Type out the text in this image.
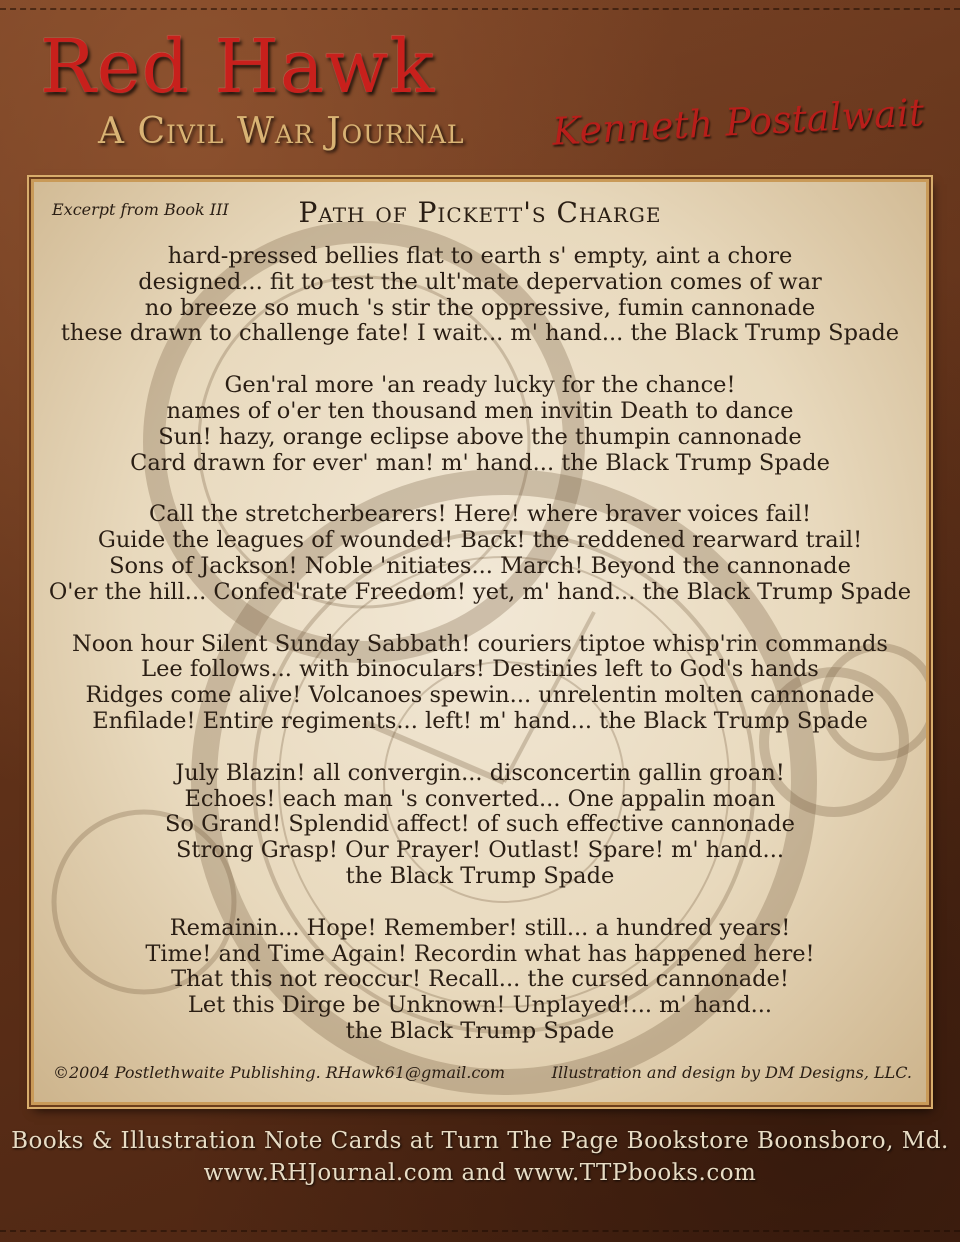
Red Hawk
A Civil War Journal Kenneth Postalwait
Excerpt from Book III	Path of Pickett's Charge
hard-pressed bellies flat to earth s' empty, aint a chore
designed... fit to test the ult'mate depervation comes of war
no breeze so much 's stir the oppressive, fumin cannonade
these drawn to challenge fate! I wait... m' hand... the Black Trump Spade
Gen'ral more 'an ready lucky for the chance!
names of o'er ten thousand men invitin Death to dance
Sun! hazy, orange eclipse above the thumpin cannonade
Card drawn for ever' man! m' hand... the Black Trump Spade
Call the stretcherbearers! Here! where braver voices fail!
Guide the leagues of wounded! Back! the reddened rearward trail!
Sons of Jackson! Noble 'nitiates... March! Beyond the cannonade
O'er the hill... Confed'rate Freedom! yet, m' hand... the Black Trump Spade
Noon hour Silent Sunday Sabbath! couriers tiptoe whisp'rin commands
Lee follows... with binoculars! Destinies left to God's hands
Ridges come alive! Volcanoes spewin... unrelentin molten cannonade
Enfilade! Entire regiments... left! m' hand... the Black Trump Spade
July Blazin! all convergin... disconcertin gallin groan!
Echoes! each man 's converted... One appalin moan
So Grand! Splendid affect! of such effective cannonade
Strong Grasp! Our Prayer! Outlast! Spare! m' hand...
the Black Trump Spade
Remainin... Hope! Remember! still... a hundred years!
Time! and Time Again! Recordin what has happened here!
That this not reoccur! Recall... the cursed cannonade!
Let this Dirge be Unknown! Unplayed!... m' hand...
the Black Trump Spade
©2004 Postlethwaite Publishing. RHawk61@gmail.com	Illustration and design by DM Designs, LLC.
Books & Illustration Note Cards at Turn The Page Bookstore Boonsboro, Md.
www.RHJournal.com and www.TTPbooks.com
